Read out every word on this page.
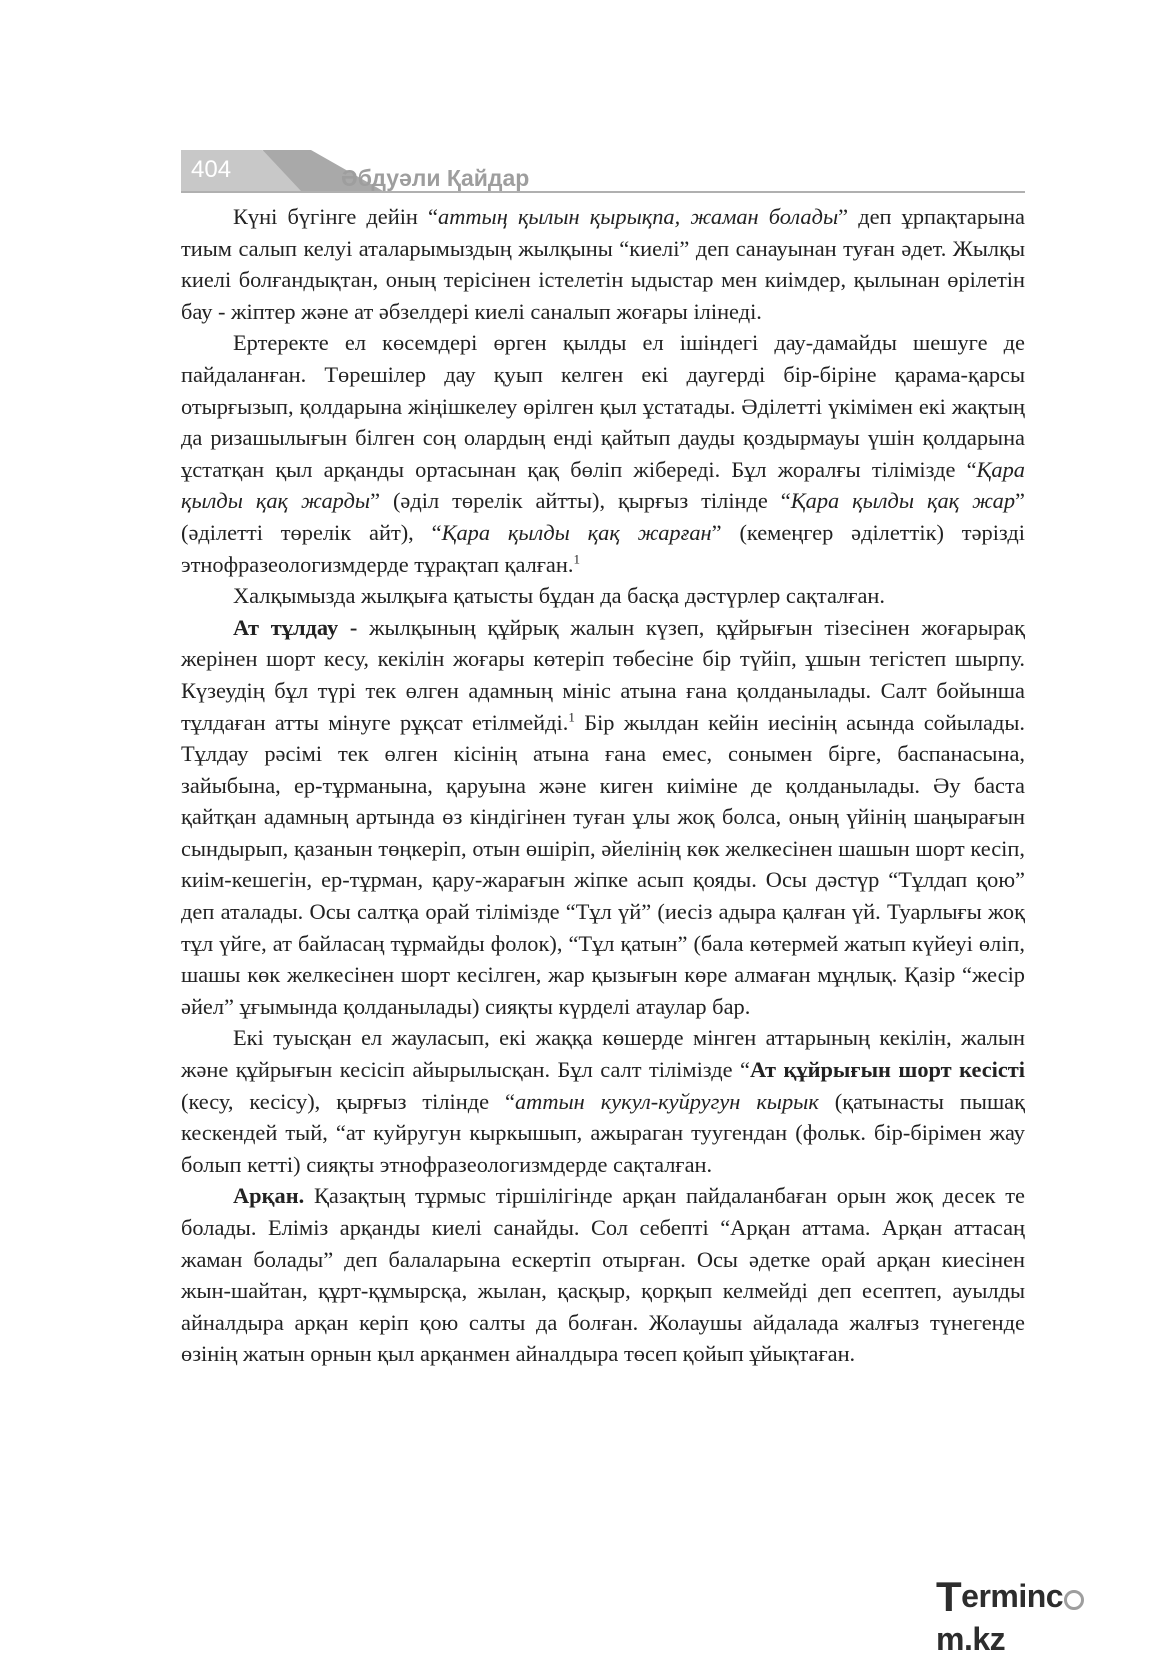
404	Әбдуәли Қайдар

Күні бүгінге дейін “аттың қылын қырықпа, жаман болады” деп ұрпақтарына тиым салып келуі аталарымыздың жылқыны “киелі” деп санауынан туған әдет. Жылқы киелі болғандықтан, оның терісінен істелетін ыдыстар мен киімдер, қылынан өрілетін бау - жіптер және ат әбзелдері киелі саналып жоғары ілінеді.

Ертеректе ел көсемдері өрген қылды ел ішіндегі дау-дамайды шешуге де пайдаланған. Төрешілер дау қуып келген екі даугерді бір-біріне қарама-қарсы отырғызып, қолдарына жіңішкелеу өрілген қыл ұстатады. Әділетті үкімімен екі жақтың да ризашылығын білген соң олардың енді қайтып дауды қоздырмауы үшін қолдарына ұстатқан қыл арқанды ортасынан қақ бөліп жібереді. Бұл жоралғы тілімізде “Қара қылды қақ жарды” (әділ төрелік айтты), қырғыз тілінде “Қара қылды қақ жар” (әділетті төрелік айт), “Қара қылды қақ жарған” (кемеңгер әділеттік) тәрізді этнофразеологизмдерде тұрақтап қалған.$^1$

Халқымызда жылқыға қатысты бұдан да басқа дәстүрлер сақталған.

Ат тұлдау - жылқының құйрық жалын күзеп, құйрығын тізесінен жоғарырақ жерінен шорт кесу, кекілін жоғары көтеріп төбесіне бір түйіп, ұшын тегістеп шырпу. Күзеудің бұл түрі тек өлген адамның мініс атына ғана қолданылады. Салт бойынша тұлдаған атты мінуге рұқсат етілмейді.$^1$ Бір жылдан кейін иесінің асында сойылады. Тұлдау рәсімі тек өлген кісінің атына ғана емес, сонымен бірге, баспанасына, зайыбына, ер-тұрманына, қаруына және киген киіміне де қолданылады. Әу баста қайтқан адамның артында өз кіндігінен туған ұлы жоқ болса, оның үйінің шаңырағын сындырып, қазанын төңкеріп, отын өшіріп, әйелінің көк желкесінен шашын шорт кесіп, киім-кешегін, ер-тұрман, қару-жарағын жіпке асып қояды. Осы дәстүр “Тұлдап қою” деп аталады. Осы салтқа орай тілімізде “Тұл үй” (иесіз адыра қалған үй. Туарлығы жоқ тұл үйге, ат байласаң тұрмайды фолок), “Тұл қатын” (бала көтермей жатып күйеуі өліп, шашы көк желкесінен шорт кесілген, жар қызығын көре алмаған мұңлық. Қазір “жесір әйел” ұғымында қолданылады) сияқты күрделі атаулар бар.

Екі туысқан ел жауласып, екі жаққа көшерде мінген аттарының кекілін, жалын және құйрығын кесісіп айырылысқан. Бұл салт тілімізде “Ат құйрығын шорт кесісті (кесу, кесісу), қырғыз тілінде “аттын кукул-куйругун кырык (қатынасты пышақ кескендей тый, “ат куйругун кыркышып, ажыраган туугендан (фольк. бір-бірімен жау болып кетті) сияқты этнофразеологизмдерде сақталған.

Арқан. Қазақтың тұрмыс тіршілігінде арқан пайдаланбаған орын жоқ десек те болады. Еліміз арқанды киелі санайды. Сол себепті “Арқан аттама. Арқан аттасаң жаман болады” деп балаларына ескертіп отырған. Осы әдетке орай арқан киесінен жын-шайтан, құрт-құмырсқа, жылан, қасқыр, қорқып келмейді деп есептеп, ауылды айналдыра арқан керіп қою салты да болған. Жолаушы айдалада жалғыз түнегенде өзінің жатын орнын қыл арқанмен айналдыра төсеп қойып ұйықтаған.

Termincm.kz
